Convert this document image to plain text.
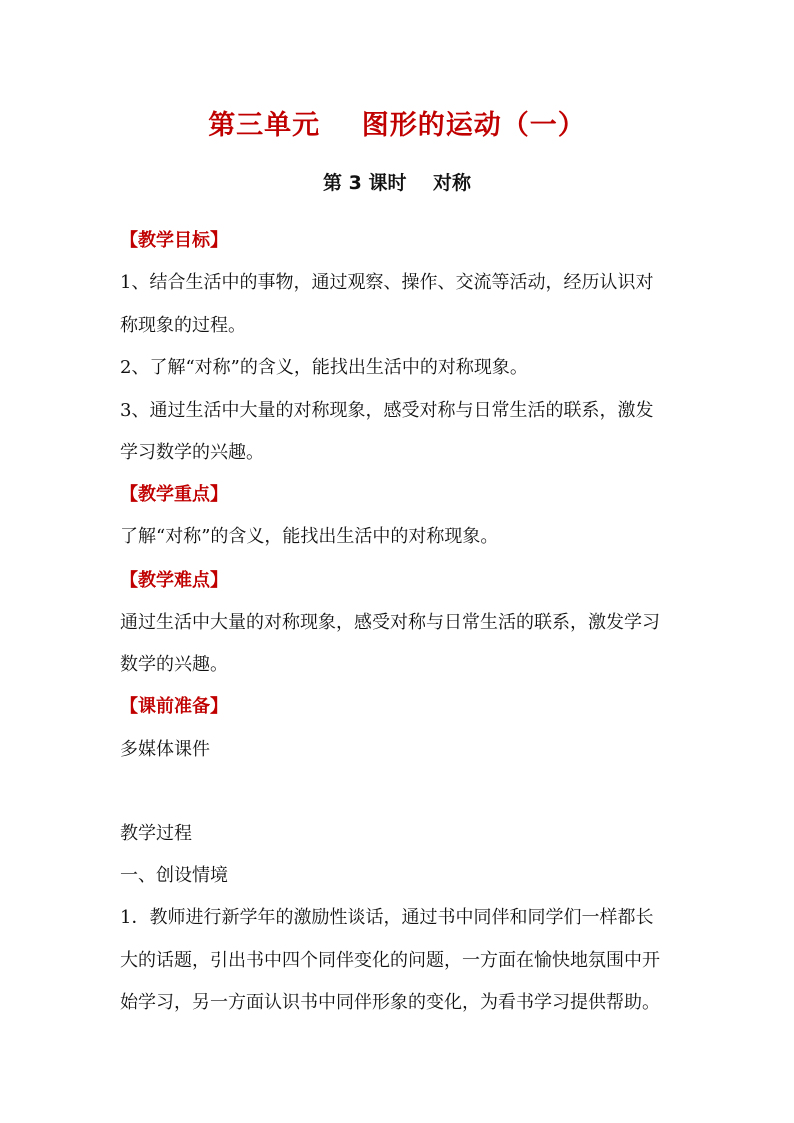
第三单元    图形的运动（一）
第 3 课时    对称
【教学目标】
1、结合生活中的事物，通过观察、操作、交流等活动，经历认识对
称现象的过程。
2、了解“对称”的含义，能找出生活中的对称现象。
3、通过生活中大量的对称现象，感受对称与日常生活的联系，激发
学习数学的兴趣。
【教学重点】
了解“对称”的含义，能找出生活中的对称现象。
【教学难点】
通过生活中大量的对称现象，感受对称与日常生活的联系，激发学习
数学的兴趣。
【课前准备】
多媒体课件
教学过程
一、创设情境
1．教师进行新学年的激励性谈话，通过书中同伴和同学们一样都长
大的话题，引出书中四个同伴变化的问题，一方面在愉快地氛围中开
始学习，另一方面认识书中同伴形象的变化，为看书学习提供帮助。
